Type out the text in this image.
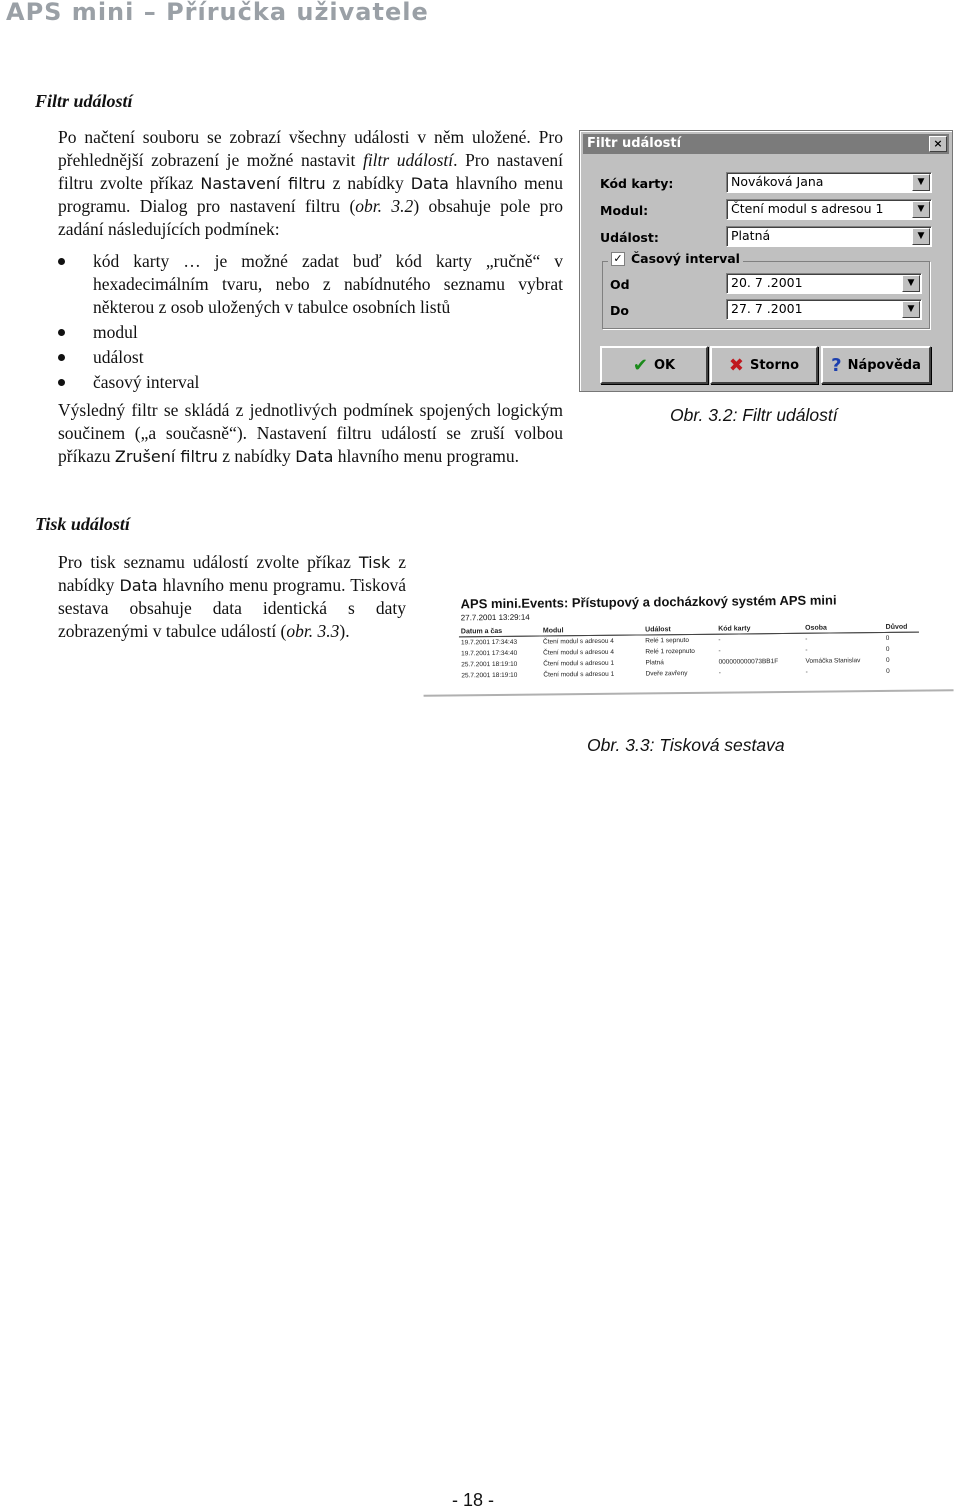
APS mini – Příručka uživatele
Filtr událostí

Po načtení souboru se zobrazí všechny události v něm uložené. Pro přehlednější zobrazení je možné nastavit filtr událostí. Pro nastavení filtru zvolte příkaz Nastavení filtru z nabídky Data hlavního menu programu. Dialog pro nastavení filtru (obr. 3.2) obsahuje pole pro zadání následujících podmínek:

kód karty … je možné zadat buď kód karty „ručně“ v hexadecimálním tvaru, nebo z nabídnutého seznamu vybrat některou z osob uložených v tabulce osobních listů
modul
událost
časový interval

Výsledný filtr se skládá z jednotlivých podmínek spojených logickým součinem („a současně“). Nastavení filtru událostí se zruší volbou příkazu Zrušení filtru z nabídky Data hlavního menu programu.

Filtr událostí	×
Kód karty:	Nováková Jana	▼
Modul:	Čtení modul s adresou 1	▼
Událost:	Platná	▼
✓ Časový interval
Od	20. 7 .2001	▼
Do	27. 7 .2001	▼
✔ OK	✖ Storno ? Nápověda
Obr. 3.2: Filtr událostí
Tisk událostí

Pro tisk seznamu událostí zvolte příkaz Tisk z nabídky Data hlavního menu programu. Tisková sestava obsahuje data identická s daty zobrazenými v tabulce událostí (obr. 3.3).

APS mini.Events: Přístupový a docházkový systém APS mini
27.7.2001 13:29:14
Datum a čas	Modul	Událost	Kód karty	Osoba	Důvod
19.7.2001 17:34:43	Čtení modul s adresou 4	Relé 1 sepnuto	-	-	0
19.7.2001 17:34:40	Čtení modul s adresou 4	Relé 1 rozepnuto	-	-	0
25.7.2001 18:19:10	Čtení modul s adresou 1	Platná	000000000073BB1F	Vomáčka Stanislav	0
25.7.2001 18:19:10	Čtení modul s adresou 1	Dveře zavřeny	-	-	0
Obr. 3.3: Tisková sestava
- 18 -
